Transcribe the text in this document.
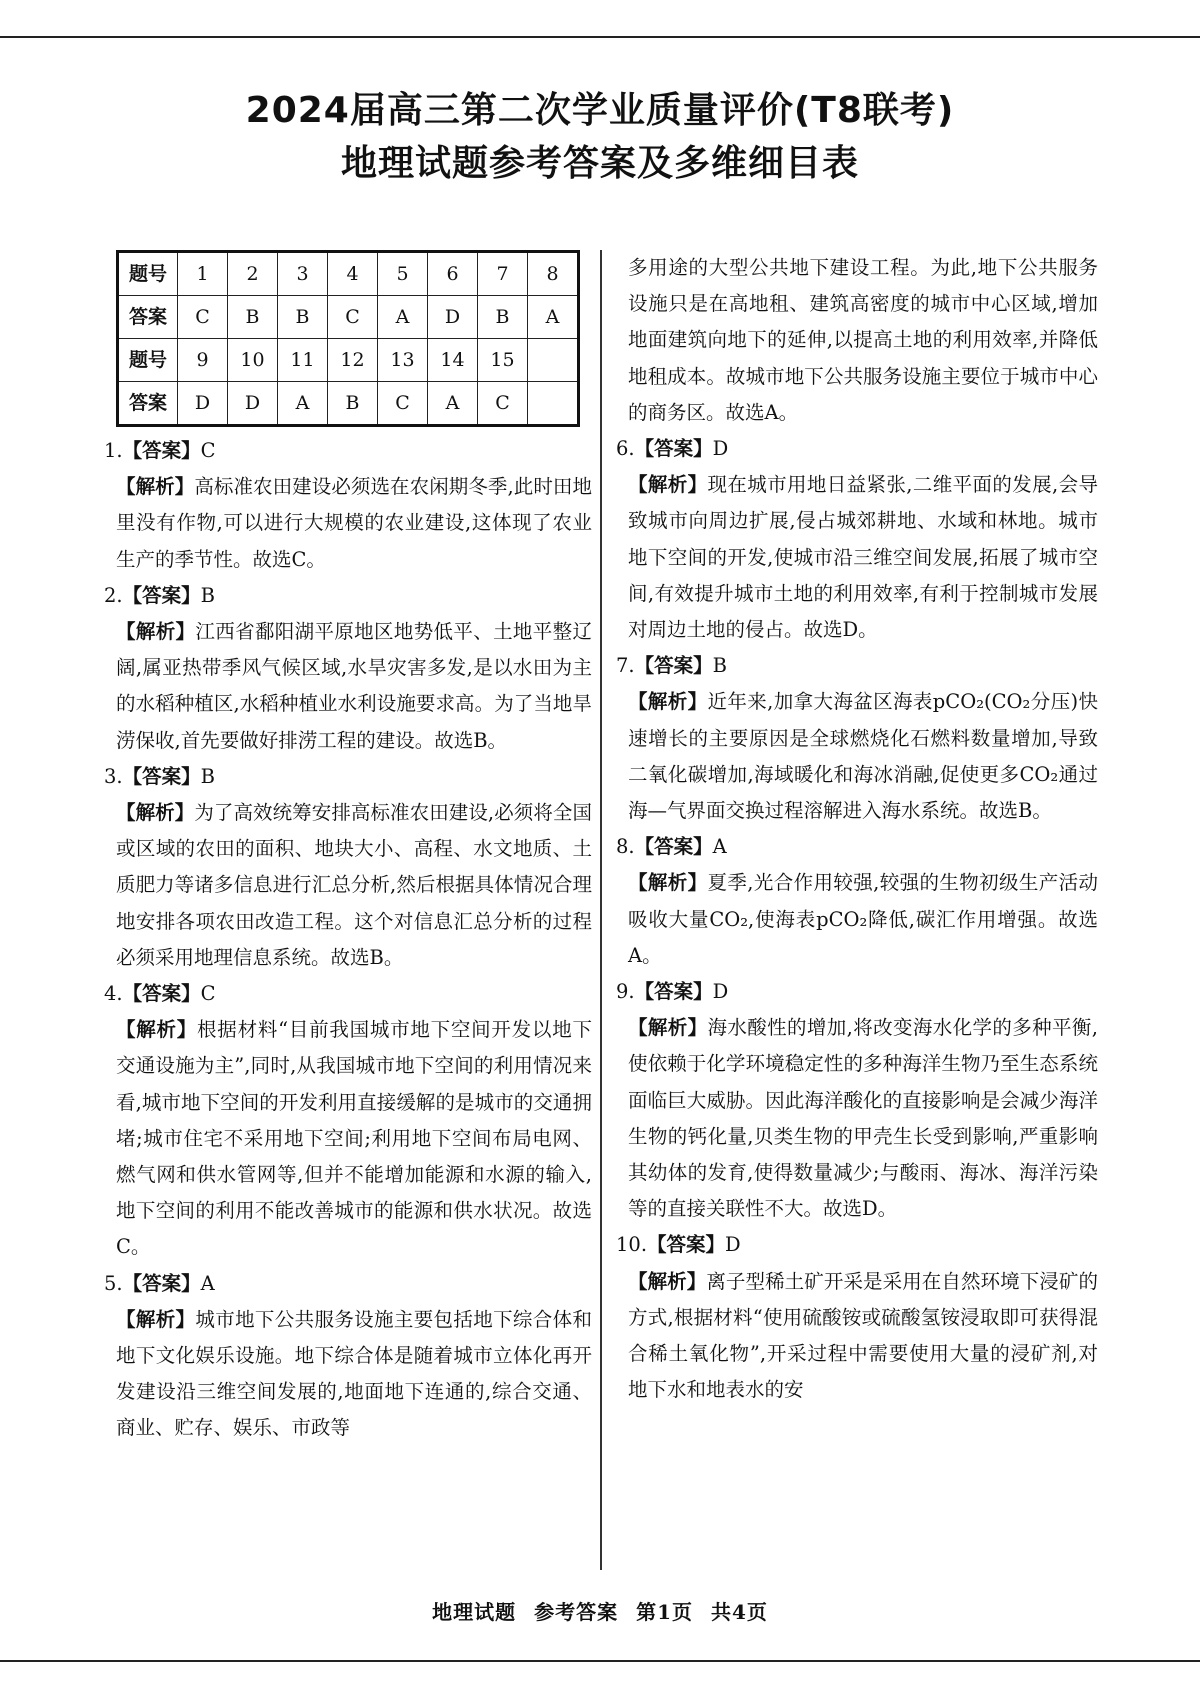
2024届高三第二次学业质量评价(T8联考)
地理试题参考答案及多维细目表
题号	1	2	3	4	5	6	7	8
答案	C	B	B	C	A	D	B	A
题号	9	10	11	12	13	14	15	
答案	D	D	A	B	C	A	C	
1.【答案】C

【解析】高标准农田建设必须选在农闲期冬季,此时田地里没有作物,可以进行大规模的农业建设,这体现了农业生产的季节性。故选C。

2.【答案】B

【解析】江西省鄱阳湖平原地区地势低平、土地平整辽阔,属亚热带季风气候区域,水旱灾害多发,是以水田为主的水稻种植区,水稻种植业水利设施要求高。为了当地旱涝保收,首先要做好排涝工程的建设。故选B。

3.【答案】B

【解析】为了高效统筹安排高标准农田建设,必须将全国或区域的农田的面积、地块大小、高程、水文地质、土质肥力等诸多信息进行汇总分析,然后根据具体情况合理地安排各项农田改造工程。这个对信息汇总分析的过程必须采用地理信息系统。故选B。

4.【答案】C

【解析】根据材料“目前我国城市地下空间开发以地下交通设施为主”,同时,从我国城市地下空间的利用情况来看,城市地下空间的开发利用直接缓解的是城市的交通拥堵;城市住宅不采用地下空间;利用地下空间布局电网、燃气网和供水管网等,但并不能增加能源和水源的输入,地下空间的利用不能改善城市的能源和供水状况。故选C。

5.【答案】A

【解析】城市地下公共服务设施主要包括地下综合体和地下文化娱乐设施。地下综合体是随着城市立体化再开发建设沿三维空间发展的,地面地下连通的,综合交通、商业、贮存、娱乐、市政等

多用途的大型公共地下建设工程。为此,地下公共服务设施只是在高地租、建筑高密度的城市中心区域,增加地面建筑向地下的延伸,以提高土地的利用效率,并降低地租成本。故城市地下公共服务设施主要位于城市中心的商务区。故选A。

6.【答案】D

【解析】现在城市用地日益紧张,二维平面的发展,会导致城市向周边扩展,侵占城郊耕地、水域和林地。城市地下空间的开发,使城市沿三维空间发展,拓展了城市空间,有效提升城市土地的利用效率,有利于控制城市发展对周边土地的侵占。故选D。

7.【答案】B

【解析】近年来,加拿大海盆区海表pCO₂(CO₂分压)快速增长的主要原因是全球燃烧化石燃料数量增加,导致二氧化碳增加,海域暖化和海冰消融,促使更多CO₂通过海—气界面交换过程溶解进入海水系统。故选B。

8.【答案】A

【解析】夏季,光合作用较强,较强的生物初级生产活动吸收大量CO₂,使海表pCO₂降低,碳汇作用增强。故选A。

9.【答案】D

【解析】海水酸性的增加,将改变海水化学的多种平衡,使依赖于化学环境稳定性的多种海洋生物乃至生态系统面临巨大威胁。因此海洋酸化的直接影响是会减少海洋生物的钙化量,贝类生物的甲壳生长受到影响,严重影响其幼体的发育,使得数量减少;与酸雨、海冰、海洋污染等的直接关联性不大。故选D。

10.【答案】D

【解析】离子型稀土矿开采是采用在自然环境下浸矿的方式,根据材料“使用硫酸铵或硫酸氢铵浸取即可获得混合稀土氧化物”,开采过程中需要使用大量的浸矿剂,对地下水和地表水的安

地理试题 参考答案 第1页 共4页
